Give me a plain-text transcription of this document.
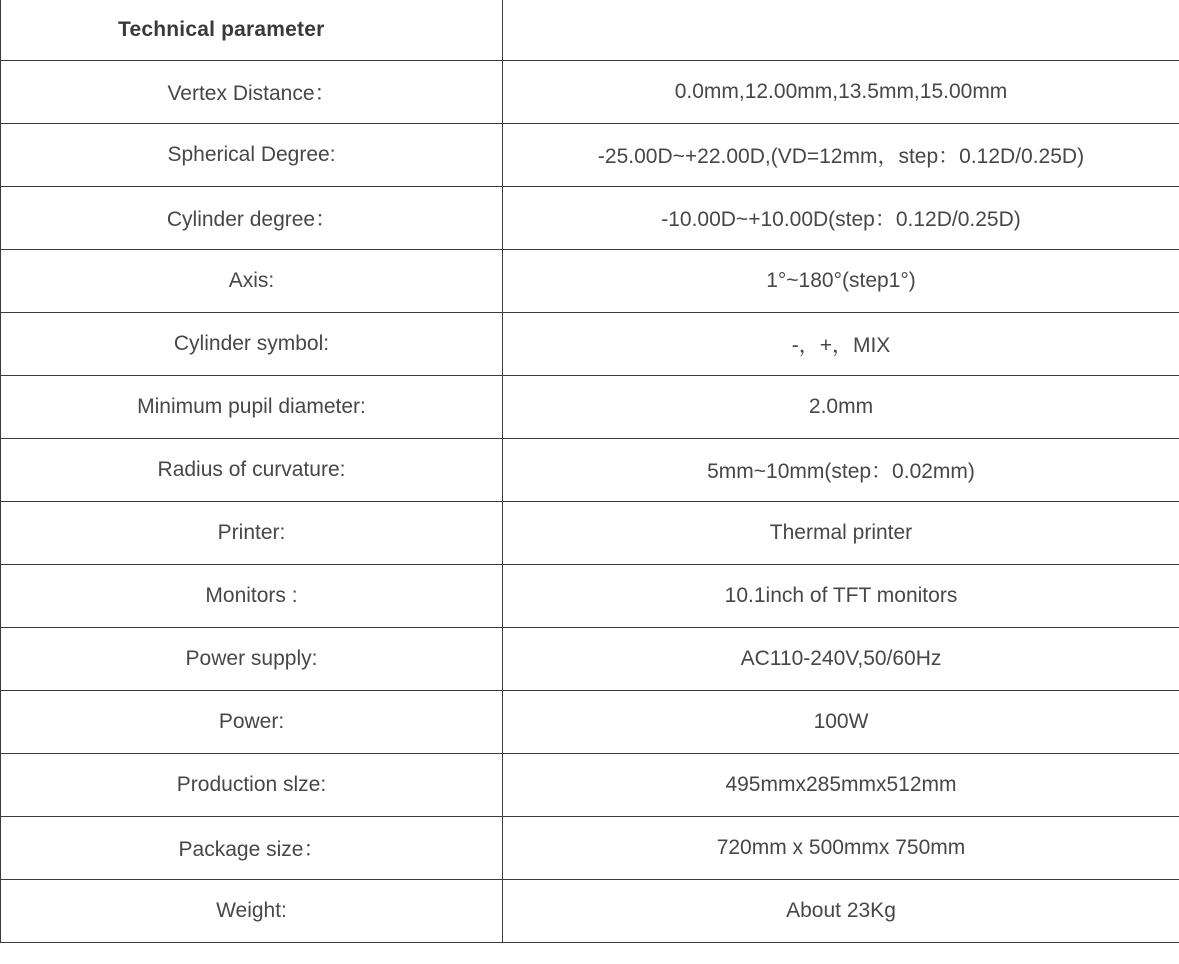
Technical parameter	
Vertex Distance：	0.0mm,12.00mm,13.5mm,15.00mm
Spherical Degree:	-25.00D~+22.00D,(VD=12mm，step：0.12D/0.25D)
Cylinder degree：	-10.00D~+10.00D(step：0.12D/0.25D)
Axis:	1°~180°(step1°)
Cylinder symbol:	-，+，MIX
Minimum pupil diameter:	2.0mm
Radius of curvature:	5mm~10mm(step：0.02mm)
Printer:	Thermal printer
Monitors :	10.1inch of TFT monitors
Power supply:	AC110-240V,50/60Hz
Power:	100W
Production slze:	495mmx285mmx512mm
Package size：	720mm x 500mmx 750mm
Weight:	About 23Kg
